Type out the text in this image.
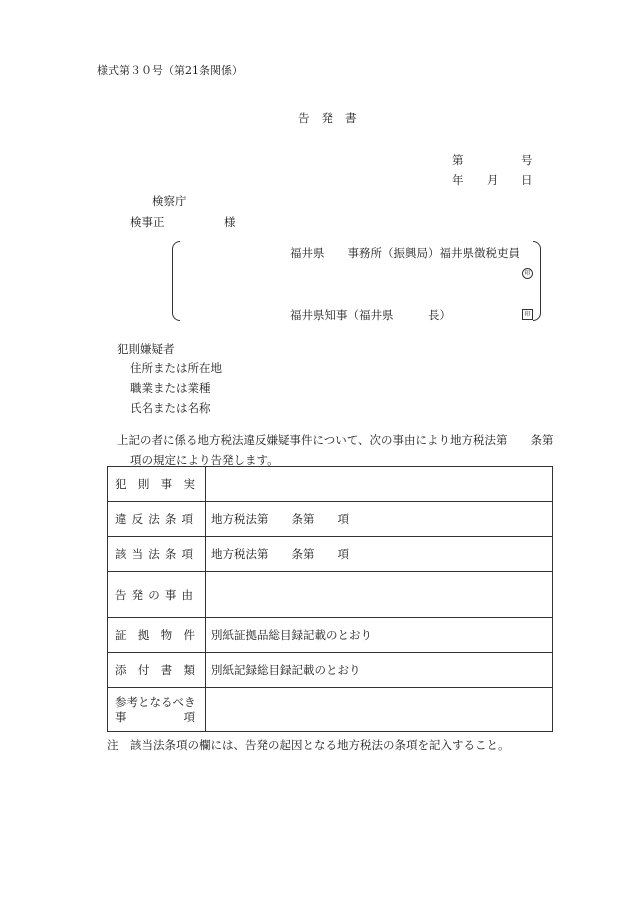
様式第３０号（第21条関係）
告 発 書
第	号
年 月 日
検察庁
検事正	様
福井県　　事務所（振興局）福井県徴税吏員
印
福井県知事（福井県　　　長）	印
犯則嫌疑者
住所または所在地
職業または業種
氏名または名称
上記の者に係る地方税法違反嫌疑事件について、次の事由により地方税法第　　条第
項の規定により告発します。
犯 則 事 実	

違 反 法 条 項	地方税法第　　条第　　項

該 当 法 条 項	地方税法第　　条第　　項

告 発 の 事 由	

証 拠 物 件	別紙証拠品総目録記載のとおり

添 付 書 類	別紙記録総目録記載のとおり

参考となるべき
事 項	

注　該当法条項の欄には、告発の起因となる地方税法の条項を記入すること。
